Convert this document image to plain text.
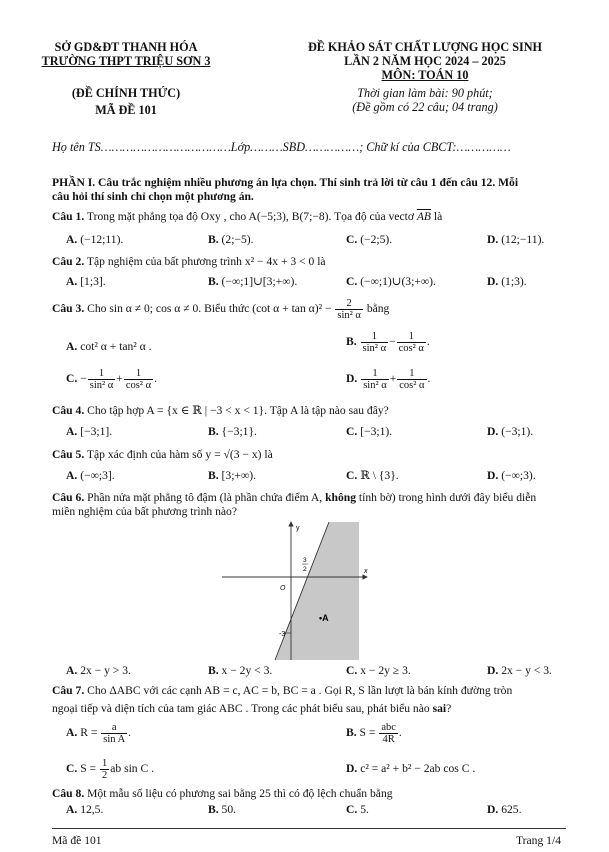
SỞ GD&ĐT THANH HÓA
TRƯỜNG THPT TRIỆU SƠN 3
(ĐỀ CHÍNH THỨC)
MÃ ĐỀ 101
ĐỀ KHẢO SÁT CHẤT LƯỢNG HỌC SINH
LẦN 2 NĂM HỌC 2024 – 2025
MÔN: TOÁN 10
Thời gian làm bài: 90 phút;
(Đề gồm có 22 câu; 04 trang)
Họ tên TS………………………………Lớp………SBD……………; Chữ kí của CBCT:……………
PHẦN I. Câu trắc nghiệm nhiều phương án lựa chọn. Thí sinh trả lời từ câu 1 đến câu 12. Mỗi
câu hỏi thí sinh chỉ chọn một phương án.
Câu 1. Trong mặt phẳng tọa độ Oxy , cho A(−5;3), B(7;−8). Tọa độ của vectơ $\overline{AB}$ là
A. (−12;11).	B. (2;−5).	C. (−2;5).	D. (12;−11).
Câu 2. Tập nghiệm của bất phương trình x² − 4x + 3 < 0 là
A. [1;3].	B. (−∞;1]∪[3;+∞).	C. (−∞;1)∪(3;+∞).	D. (1;3).
Câu 3. Cho sin α ≠ 0; cos α ≠ 0. Biểu thức (cot $\alpha + \tan \alpha)^2 - \frac{2}{\text{sin² α}}$ bằng
A. cot² α + tan² α .	B. $\frac{1}{\text{sin² α}} - \frac{1}{\text{cos² α}}$ .
C. − $\frac{1}{\text{sin² α}} + \frac{1}{\text{cos² α}}$ .	D. $\frac{1}{\text{sin² α}} + \frac{1}{\text{cos² α}}$ .
Câu 4. Cho tập hợp A = {x ∈ ℝ | −3 < x < 1}. Tập A là tập nào sau đây?
A. [−3;1].	B. {−3;1}.	C. [−3;1).	D. (−3;1).
Câu 5. Tập xác định của hàm số y = √(3 − x) là
A. (−∞;3].	B. [3;+∞).	C. ℝ \ {3}.	D. (−∞;3).
Câu 6. Phần nửa mặt phẳng tô đậm (là phần chứa điểm A, không tính bờ) trong hình dưới đây biểu diễn
miền nghiệm của bất phương trình nào?
y
x
O
3
2
-3
•A
A. 2x − y > 3.	B. x − 2y < 3.	C. x − 2y ≥ 3.	D. 2x − y < 3.
Câu 7. Cho ΔABC với các cạnh AB = c, AC = b, BC = a . Gọi R, S lần lượt là bán kính đường tròn
ngoại tiếp và diện tích của tam giác ABC . Trong các phát biểu sau, phát biểu nào sai?
A. $R = \frac{a}{\text{sin A}}$ .	B. $S = \frac{\text{abc}}{4R}$ .
C. $S = \frac{1}{2}$ ab sin C .	D. c² = a² + b² − 2ab cos C .
Câu 8. Một mẫu số liệu có phương sai bằng 25 thì có độ lệch chuẩn bằng
A. 12,5.	B. 50.	C. 5.	D. 625.
Mã đề 101	Trang 1/4
